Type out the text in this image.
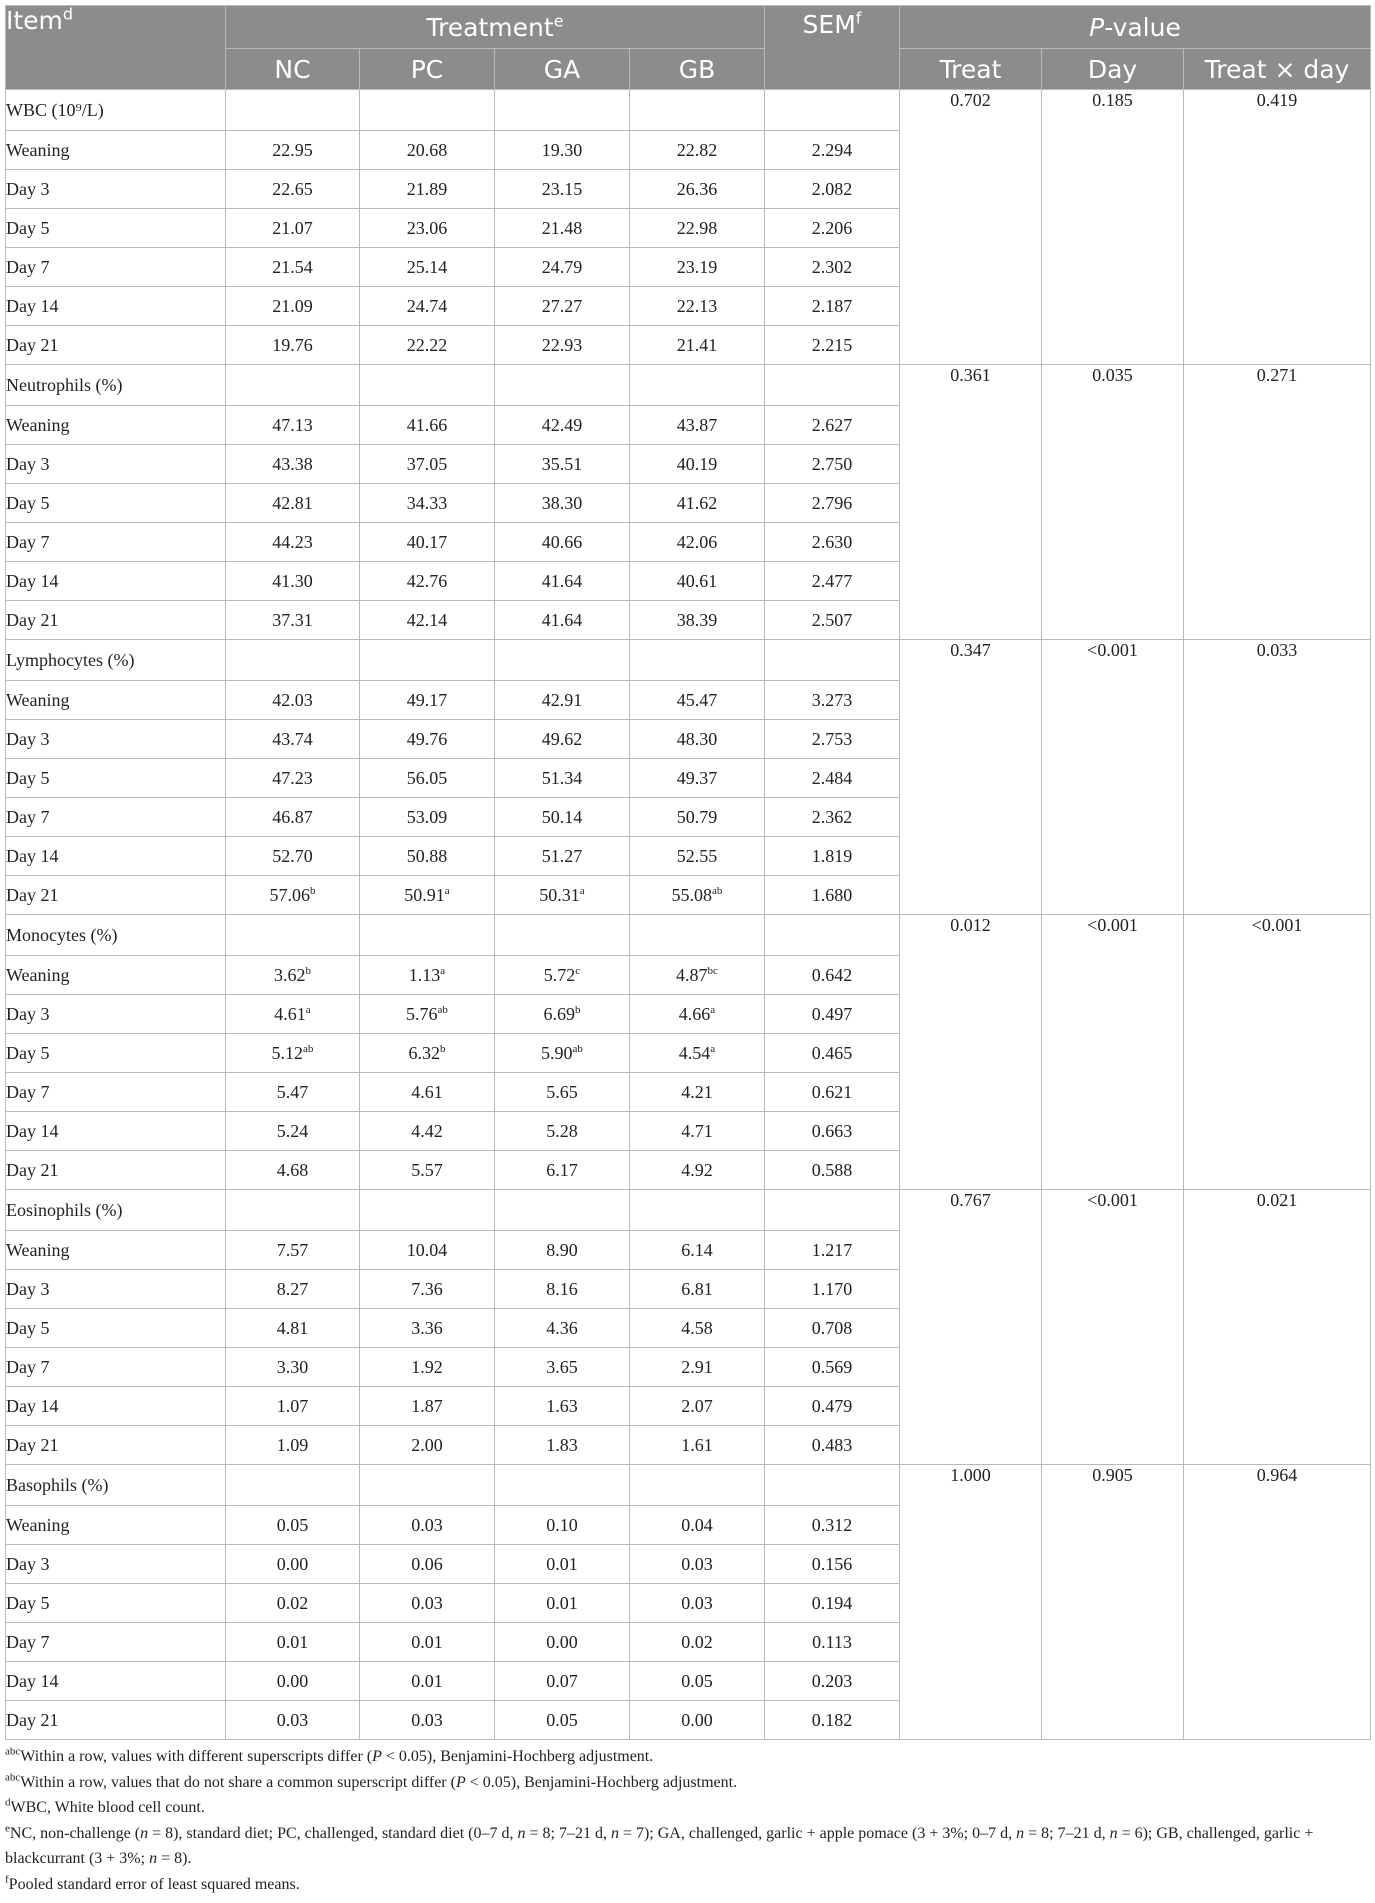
Item$^d$	Treatment$^e$				SEM$^f$	P-value		
	NC	PC	GA	GB		Treat	Day	Treat × day
WBC (10⁹/L)						0.702	0.185	0.419
Weaning	22.95	20.68	19.30	22.82	2.294			
Day 3	22.65	21.89	23.15	26.36	2.082			
Day 5	21.07	23.06	21.48	22.98	2.206			
Day 7	21.54	25.14	24.79	23.19	2.302			
Day 14	21.09	24.74	27.27	22.13	2.187			
Day 21	19.76	22.22	22.93	21.41	2.215			
Neutrophils (%)						0.361	0.035	0.271
Weaning	47.13	41.66	42.49	43.87	2.627			
Day 3	43.38	37.05	35.51	40.19	2.750			
Day 5	42.81	34.33	38.30	41.62	2.796			
Day 7	44.23	40.17	40.66	42.06	2.630			
Day 14	41.30	42.76	41.64	40.61	2.477			
Day 21	37.31	42.14	41.64	38.39	2.507			
Lymphocytes (%)						0.347	<0.001	0.033
Weaning	42.03	49.17	42.91	45.47	3.273			
Day 3	43.74	49.76	49.62	48.30	2.753			
Day 5	47.23	56.05	51.34	49.37	2.484			
Day 7	46.87	53.09	50.14	50.79	2.362			
Day 14	52.70	50.88	51.27	52.55	1.819			
Day 21	57.06$^b$	50.91$^a$	50.31$^a$	55.08$^{ab}$	1.680			
Monocytes (%)						0.012	<0.001	<0.001
Weaning	3.62$^b$	1.13$^a$	5.72$^c$	4.87$^{bc}$	0.642			
Day 3	4.61$^a$	5.76$^{ab}$	6.69$^b$	4.66$^a$	0.497			
Day 5	5.12$^{ab}$	6.32$^b$	5.90$^{ab}$	4.54$^a$	0.465			
Day 7	5.47	4.61	5.65	4.21	0.621			
Day 14	5.24	4.42	5.28	4.71	0.663			
Day 21	4.68	5.57	6.17	4.92	0.588			
Eosinophils (%)						0.767	<0.001	0.021
Weaning	7.57	10.04	8.90	6.14	1.217			
Day 3	8.27	7.36	8.16	6.81	1.170			
Day 5	4.81	3.36	4.36	4.58	0.708			
Day 7	3.30	1.92	3.65	2.91	0.569			
Day 14	1.07	1.87	1.63	2.07	0.479			
Day 21	1.09	2.00	1.83	1.61	0.483			
Basophils (%)						1.000	0.905	0.964
Weaning	0.05	0.03	0.10	0.04	0.312			
Day 3	0.00	0.06	0.01	0.03	0.156			
Day 5	0.02	0.03	0.01	0.03	0.194			
Day 7	0.01	0.01	0.00	0.02	0.113			
Day 14	0.00	0.01	0.07	0.05	0.203			
Day 21	0.03	0.03	0.05	0.00	0.182			

$^{abc}$Within a row, values with different superscripts differ (P < 0.05), Benjamini-Hochberg adjustment.

$^{abc}$Within a row, values that do not share a common superscript differ (P < 0.05), Benjamini-Hochberg adjustment.

$^d$WBC, White blood cell count.

$^e$NC, non-challenge (n = 8), standard diet; PC, challenged, standard diet (0–7 d, n = 8; 7–21 d, n = 7); GA, challenged, garlic + apple pomace (3 + 3%; 0–7 d, n = 8; 7–21 d, n = 6); GB, challenged, garlic + blackcurrant (3 + 3%; n = 8).

$^f$Pooled standard error of least squared means.
